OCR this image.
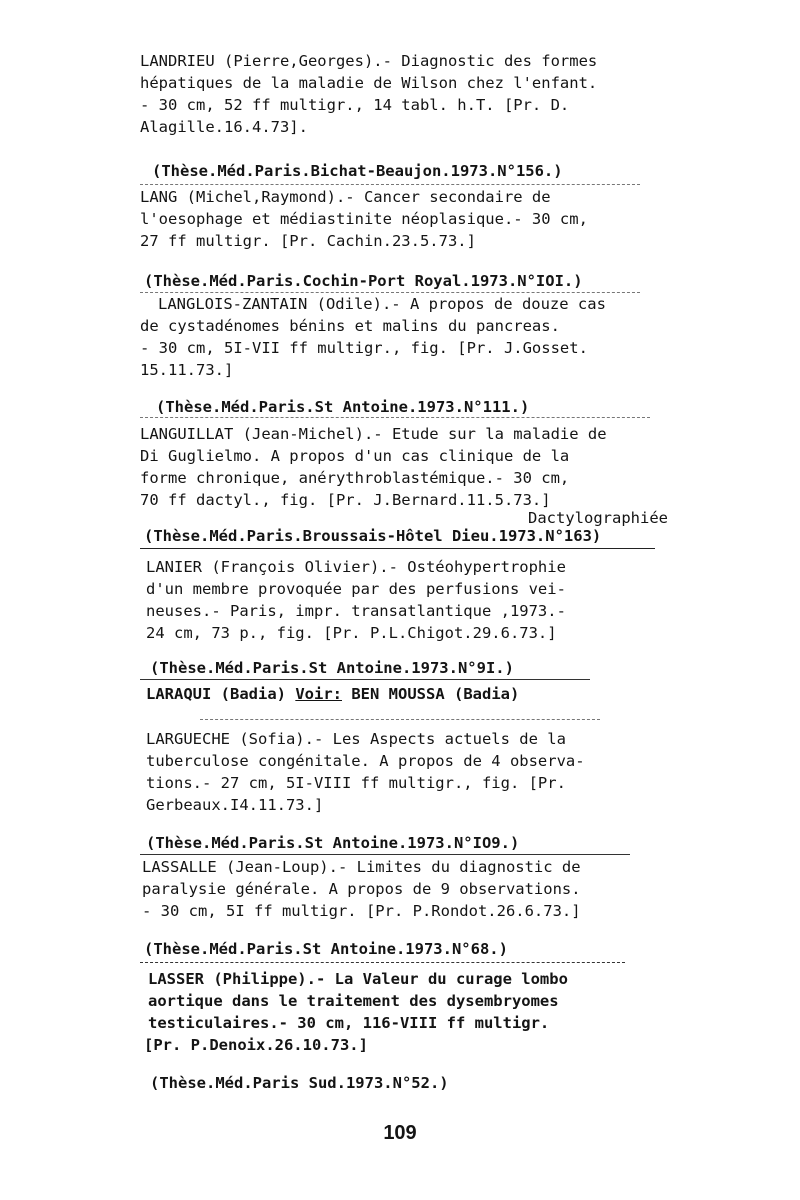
LANDRIEU (Pierre,Georges).- Diagnostic des formes
hépatiques de la maladie de Wilson chez l'enfant.
- 30 cm, 52 ff multigr., 14 tabl. h.T. [Pr. D.
Alagille.16.4.73].
(Thèse.Méd.Paris.Bichat-Beaujon.1973.N°156.)
LANG (Michel,Raymond).- Cancer secondaire de
l'oesophage et médiastinite néoplasique.- 30 cm,
27 ff multigr. [Pr. Cachin.23.5.73.]
(Thèse.Méd.Paris.Cochin-Port Royal.1973.N°IOI.)
LANGLOIS-ZANTAIN (Odile).- A propos de douze cas
de cystadénomes bénins et malins du pancreas.
- 30 cm, 5I-VII ff multigr., fig. [Pr. J.Gosset.
15.11.73.]
(Thèse.Méd.Paris.St Antoine.1973.N°111.)
LANGUILLAT (Jean-Michel).- Etude sur la maladie de
Di Guglielmo. A propos d'un cas clinique de la
forme chronique, anérythroblastémique.- 30 cm,
70 ff dactyl., fig. [Pr. J.Bernard.11.5.73.]
Dactylographiée
(Thèse.Méd.Paris.Broussais-Hôtel Dieu.1973.N°163)
LANIER (François Olivier).- Ostéohypertrophie
d'un membre provoquée par des perfusions vei-
neuses.- Paris, impr. transatlantique ,1973.-
24 cm, 73 p., fig. [Pr. P.L.Chigot.29.6.73.]
(Thèse.Méd.Paris.St Antoine.1973.N°9I.)
LARAQUI (Badia) Voir: BEN MOUSSA (Badia)
LARGUECHE (Sofia).- Les Aspects actuels de la
tuberculose congénitale. A propos de 4 observa-
tions.- 27 cm, 5I-VIII ff multigr., fig. [Pr.
Gerbeaux.I4.11.73.]
(Thèse.Méd.Paris.St Antoine.1973.N°IO9.)
LASSALLE (Jean-Loup).- Limites du diagnostic de
paralysie générale. A propos de 9 observations.
- 30 cm, 5I ff multigr. [Pr. P.Rondot.26.6.73.]
(Thèse.Méd.Paris.St Antoine.1973.N°68.)
LASSER (Philippe).- La Valeur du curage lombo
aortique dans le traitement des dysembryomes
testiculaires.- 30 cm, 116-VIII ff multigr.
[Pr. P.Denoix.26.10.73.]
(Thèse.Méd.Paris Sud.1973.N°52.)
109
